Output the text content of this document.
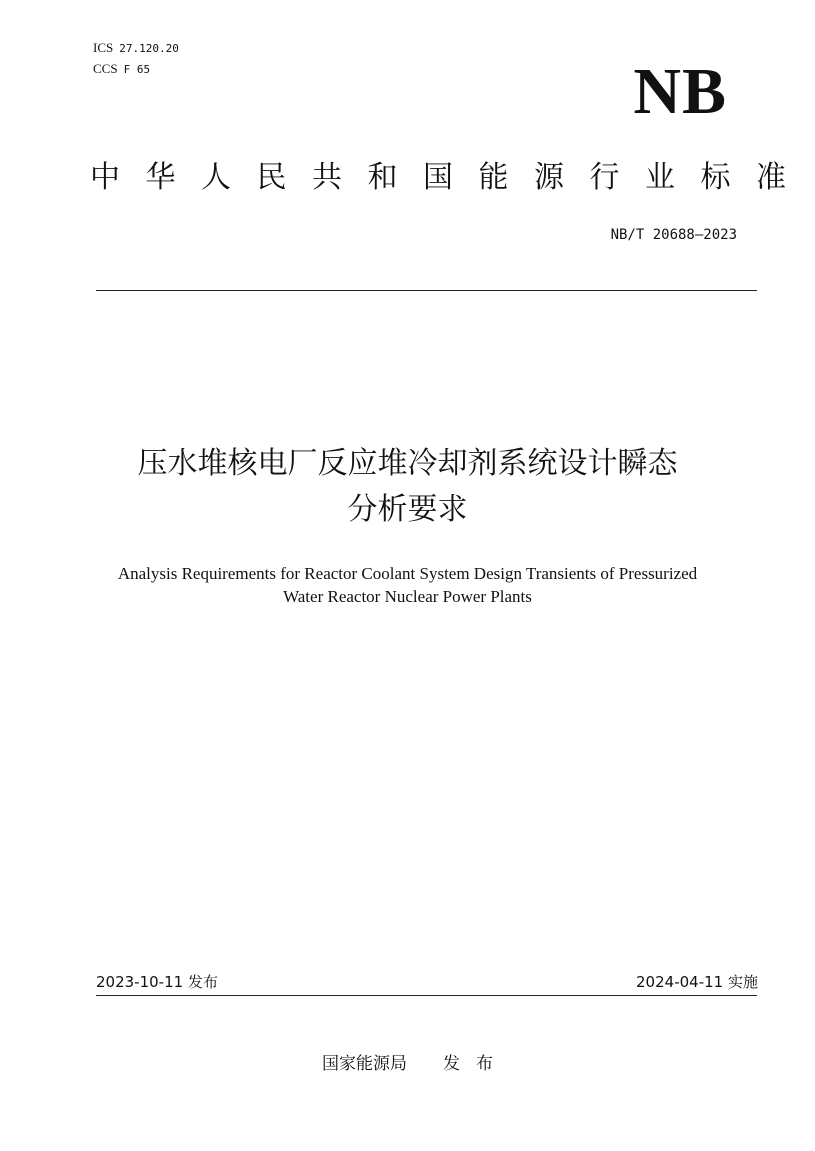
ICS 27.120.20
CCS F 65	NB
中华人民共和国能源行业标准
NB/T 20688—2023
压水堆核电厂反应堆冷却剂系统设计瞬态
分析要求
Analysis Requirements for Reactor Coolant System Design Transients of Pressurized
Water Reactor Nuclear Power Plants
2023-10-11 发布	2024-04-11 实施
国家能源局 发 布
